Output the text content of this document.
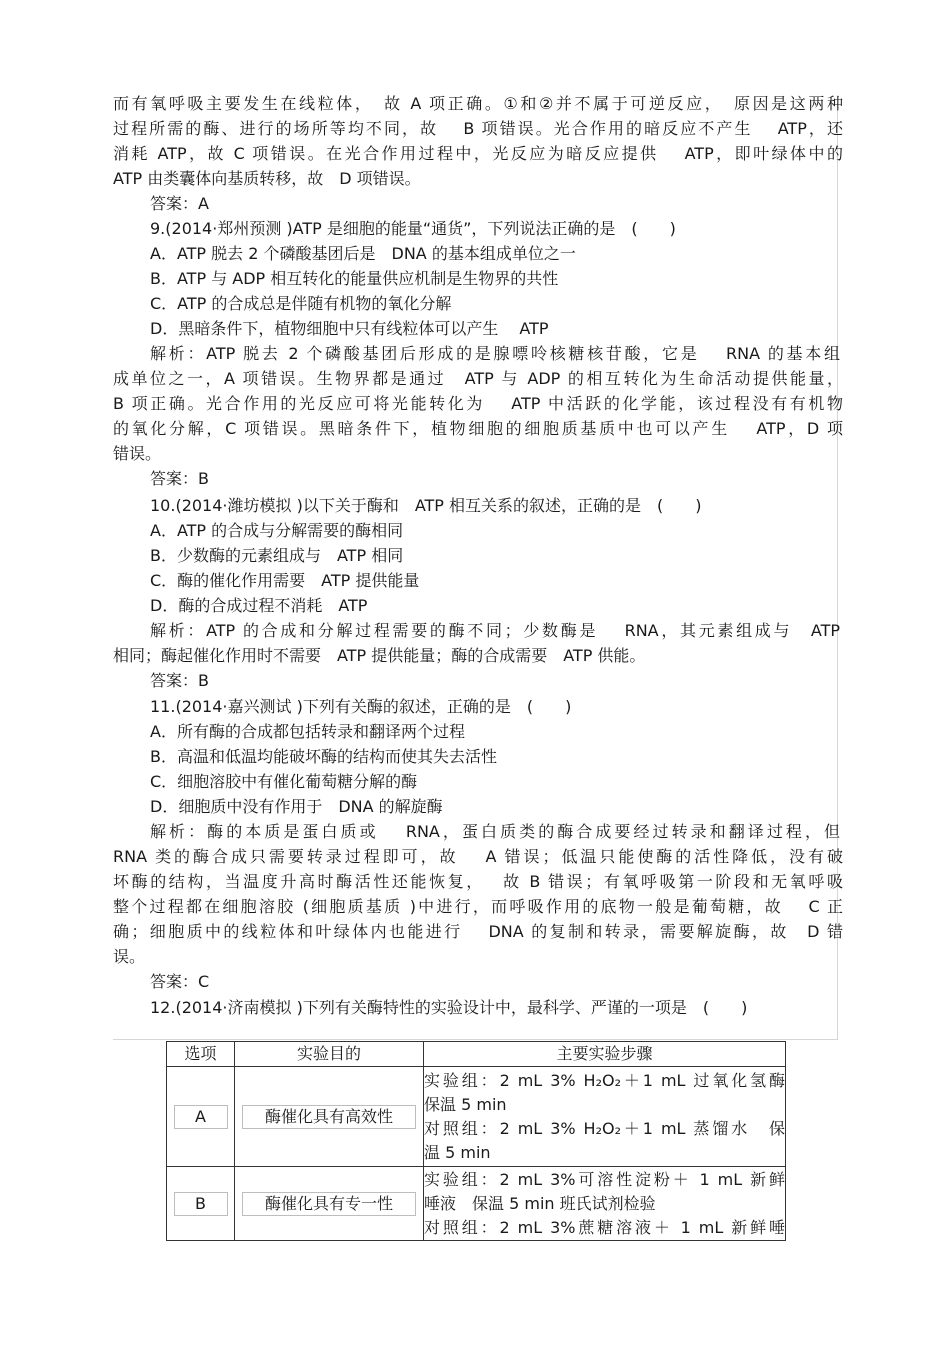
而有氧呼吸主要发生在线粒体，　故 A 项正确。①和②并不属于可逆反应，　原因是这两种
过程所需的酶、进行的场所等均不同，故　 B 项错误。光合作用的暗反应不产生　 ATP，还
消耗 ATP，故 C 项错误。在光合作用过程中，光反应为暗反应提供　 ATP，即叶绿体中的
ATP 由类囊体向基质转移，故　D 项错误。
答案：A
9.(2014·郑州预测 )ATP 是细胞的能量“通货”，下列说法正确的是　(　　)
A．ATP 脱去 2 个磷酸基团后是　DNA 的基本组成单位之一
B．ATP 与 ADP 相互转化的能量供应机制是生物界的共性
C．ATP 的合成总是伴随有机物的氧化分解
D．黑暗条件下，植物细胞中只有线粒体可以产生　 ATP
解析：ATP 脱去 2 个磷酸基团后形成的是腺嘌呤核糖核苷酸，它是　 RNA 的基本组
成单位之一，A 项错误。生物界都是通过　ATP 与 ADP 的相互转化为生命活动提供能量，
B 项正确。光合作用的光反应可将光能转化为　 ATP 中活跃的化学能，该过程没有有机物
的氧化分解，C 项错误。黑暗条件下，植物细胞的细胞质基质中也可以产生　 ATP，D 项
错误。
答案：B
10.(2014·潍坊模拟 )以下关于酶和　ATP 相互关系的叙述，正确的是　(　　)
A．ATP 的合成与分解需要的酶相同
B．少数酶的元素组成与　ATP 相同
C．酶的催化作用需要　ATP 提供能量
D．酶的合成过程不消耗　ATP
解析：ATP 的合成和分解过程需要的酶不同；少数酶是　 RNA，其元素组成与　ATP
相同；酶起催化作用时不需要　ATP 提供能量；酶的合成需要　ATP 供能。
答案：B
11.(2014·嘉兴测试 )下列有关酶的叙述，正确的是　(　　)
A．所有酶的合成都包括转录和翻译两个过程
B．高温和低温均能破坏酶的结构而使其失去活性
C．细胞溶胶中有催化葡萄糖分解的酶
D．细胞质中没有作用于　DNA 的解旋酶
解析：酶的本质是蛋白质或　 RNA，蛋白质类的酶合成要经过转录和翻译过程，但
RNA 类的酶合成只需要转录过程即可，故　 A 错误；低温只能使酶的活性降低，没有破
坏酶的结构，当温度升高时酶活性还能恢复，　 故 B 错误；有氧呼吸第一阶段和无氧呼吸
整个过程都在细胞溶胶 (细胞质基质 )中进行，而呼吸作用的底物一般是葡萄糖，故　 C 正
确；细胞质中的线粒体和叶绿体内也能进行　 DNA 的复制和转录，需要解旋酶，故　D 错
误。
答案：C
12.(2014·济南模拟 )下列有关酶特性的实验设计中，最科学、严谨的一项是　(　　)
选项	实验目的	主要实验步骤
A	酶催化具有高效性	实验组：2 mL 3% H₂O₂＋1 mL 过氧化氢酶
保温 5 min
对照组：2 mL 3% H₂O₂＋1 mL 蒸馏水　保
温 5 min

B	酶催化具有专一性	实验组：2 mL 3%可溶性淀粉＋ 1 mL 新鲜
唾液　保温 5 min 班氏试剂检验
对照组：2 mL 3%蔗糖溶液＋ 1 mL 新鲜唾
